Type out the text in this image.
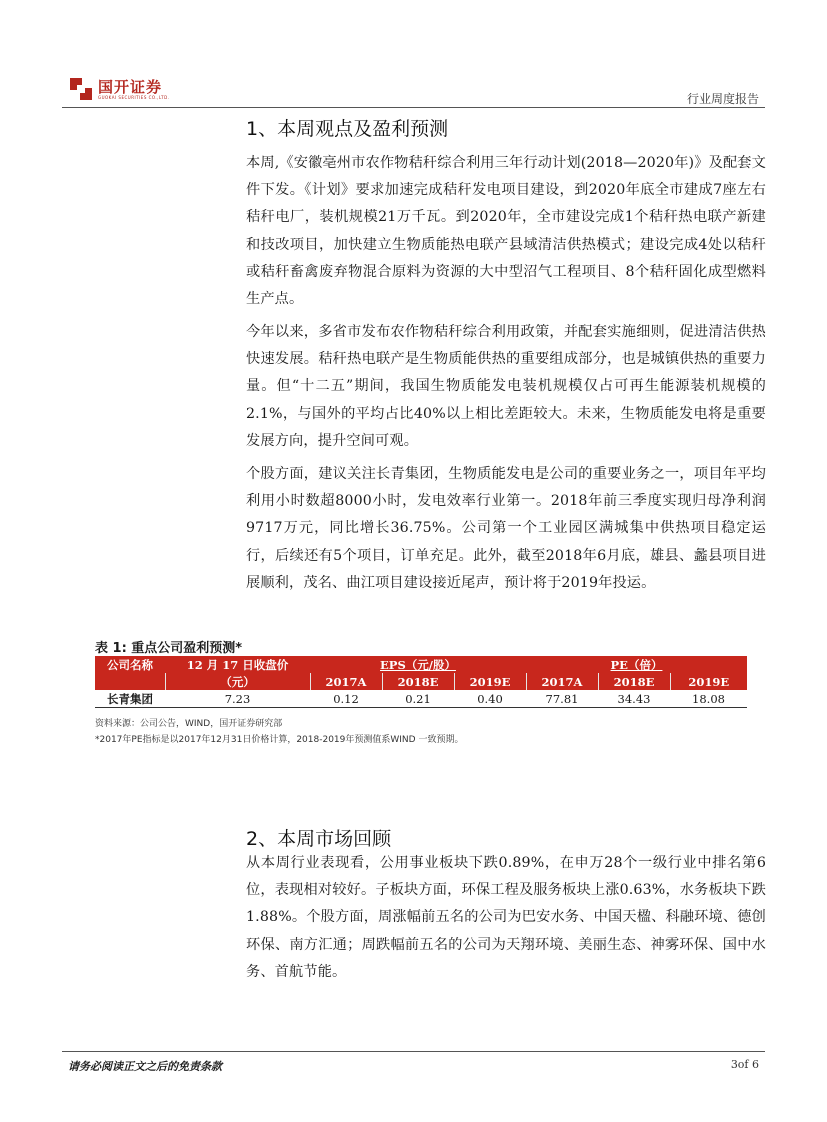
国开证券
GUOKAI SECURITIES CO.,LTD.	行业周度报告
1、本周观点及盈利预测

本周,《安徽亳州市农作物秸秆综合利用三年行动计划(2018—2020年)》及配套文件下发。《计划》要求加速完成秸秆发电项目建设，到2020年底全市建成7座左右秸秆电厂，装机规模21万千瓦。到2020年，全市建设完成1个秸秆热电联产新建和技改项目，加快建立生物质能热电联产县域清洁供热模式；建设完成4处以秸秆或秸秆畜禽废弃物混合原料为资源的大中型沼气工程项目、8个秸秆固化成型燃料生产点。

今年以来，多省市发布农作物秸秆综合利用政策，并配套实施细则，促进清洁供热快速发展。秸秆热电联产是生物质能供热的重要组成部分，也是城镇供热的重要力量。但“十二五”期间，我国生物质能发电装机规模仅占可再生能源装机规模的2.1%，与国外的平均占比40%以上相比差距较大。未来，生物质能发电将是重要发展方向，提升空间可观。

个股方面，建议关注长青集团，生物质能发电是公司的重要业务之一，项目年平均利用小时数超8000小时，发电效率行业第一。2018年前三季度实现归母净利润9717万元，同比增长36.75%。公司第一个工业园区满城集中供热项目稳定运行，后续还有5个项目，订单充足。此外，截至2018年6月底，雄县、蠡县项目进展顺利，茂名、曲江项目建设接近尾声，预计将于2019年投运。

表 1: 重点公司盈利预测*
公司名称	12 月 17 日收盘价	EPS（元/股）			PE（倍）		
	（元）	2017A	2018E	2019E	2017A	2018E	2019E
长青集团	7.23	0.12	0.21	0.40	77.81	34.43	18.08
资料来源：公司公告，WIND，国开证券研究部
*2017年PE指标是以2017年12月31日价格计算，2018-2019年预测值系WIND 一致预期。
2、本周市场回顾

从本周行业表现看，公用事业板块下跌0.89%，在申万28个一级行业中排名第6位，表现相对较好。子板块方面，环保工程及服务板块上涨0.63%，水务板块下跌1.88%。个股方面，周涨幅前五名的公司为巴安水务、中国天楹、科融环境、德创环保、南方汇通；周跌幅前五名的公司为天翔环境、美丽生态、神雾环保、国中水务、首航节能。

请务必阅读正文之后的免责条款	3of 6
